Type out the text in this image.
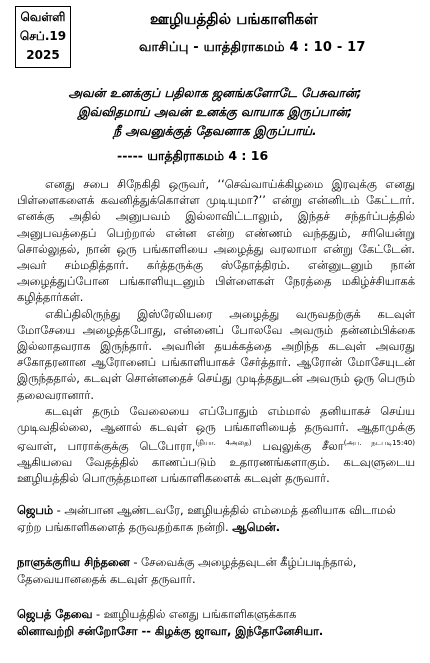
வெள்ளி
செப்.19
2025
ஊழியத்தில் பங்காளிகள்
வாசிப்பு - யாத்திராகமம் 4 : 10 - 17
அவன் உனக்குப் பதிலாக ஜனங்களோடே பேசுவான்;
இவ்விதமாய் அவன் உனக்கு வாயாக இருப்பான்;
நீ அவனுக்குத் தேவனாக இருப்பாய்.
----- யாத்திராகமம் 4 : 16

எனது சபை சிநேகிதி ஒருவர், ‘‘செவ்வாய்க்கிழமை இரவுக்கு எனது பிள்ளைகளைக் கவனித்துக்கொள்ள முடியுமா?’’ என்று என்னிடம் கேட்டார். எனக்கு அதில் அனுபவம் இல்லாவிட்டாலும், இந்தச் சந்தர்ப்பத்தில் அனுபவத்தைப் பெற்றால் என்ன என்ற எண்ணம் வந்ததும், சரியென்று சொல்லுதல், நான் ஒரு பங்காளியை அழைத்து வரலாமா என்று கேட்டேன். அவர் சம்மதித்தார். கர்த்தருக்கு ஸ்தோத்திரம். என்னுடனும் நான் அழைத்துப்போன பங்காளியுடனும் பிள்ளைகள் நேரத்தை மகிழ்ச்சியாகக் கழித்தார்கள்.

எகிப்திலிருந்து இஸ்ரேலியரை அழைத்து வருவதற்குக் கடவுள் மோசேயை அழைத்தபோது, என்னைப் போலவே அவரும் தன்னம்பிக்கை இல்லாதவராக இருந்தார். அவரின் தயக்கத்தை அறிந்த கடவுள் அவரது சகோதரனான ஆரோனைப் பங்காளியாகச் சேர்த்தார். ஆரோன் மோசேயுடன் இருந்ததால், கடவுள் சொன்னதைச் செய்து முடித்ததுடன் அவரும் ஒரு பெரும் தலைவரானார்.

கடவுள் தரும் வேலையை எப்போதும் எம்மால் தனியாகச் செய்ய முடிவதில்லை, ஆனால் கடவுள் ஒரு பங்காளியைத் தருவார். ஆதாமுக்கு ஏவாள், பாராக்குக்கு டெபோரா,$^{(நியா. 4அதை)}$ பவுலுக்கு சீலா$^{(அப. நடபடி15:40)}$ ஆகியவை வேதத்தில் காணப்படும் உதாரணங்களாகும். கடவுளுடைய ஊழியத்தில் பொருத்தமான பங்காளிகளைக் கடவுள் தருவார்.

ஜெபம் - அன்பான ஆண்டவரே, ஊழியத்தில் எம்மைத் தனியாக விடாமல் ஏற்ற பங்காளிகளைத் தருவதற்காக நன்றி. ஆமென்.
நாளுக்குரிய சிந்தனை - சேவைக்கு அழைத்தவுடன் கீழ்ப்படிந்தால், தேவையானதைக் கடவுள் தருவார்.
ஜெபத் தேவை - ஊழியத்தில் எனது பங்காளிகளுக்காக
லினாவற்றி சன்றோசோ -- கிழக்கு ஜாவா, இந்தோனேசியா.
